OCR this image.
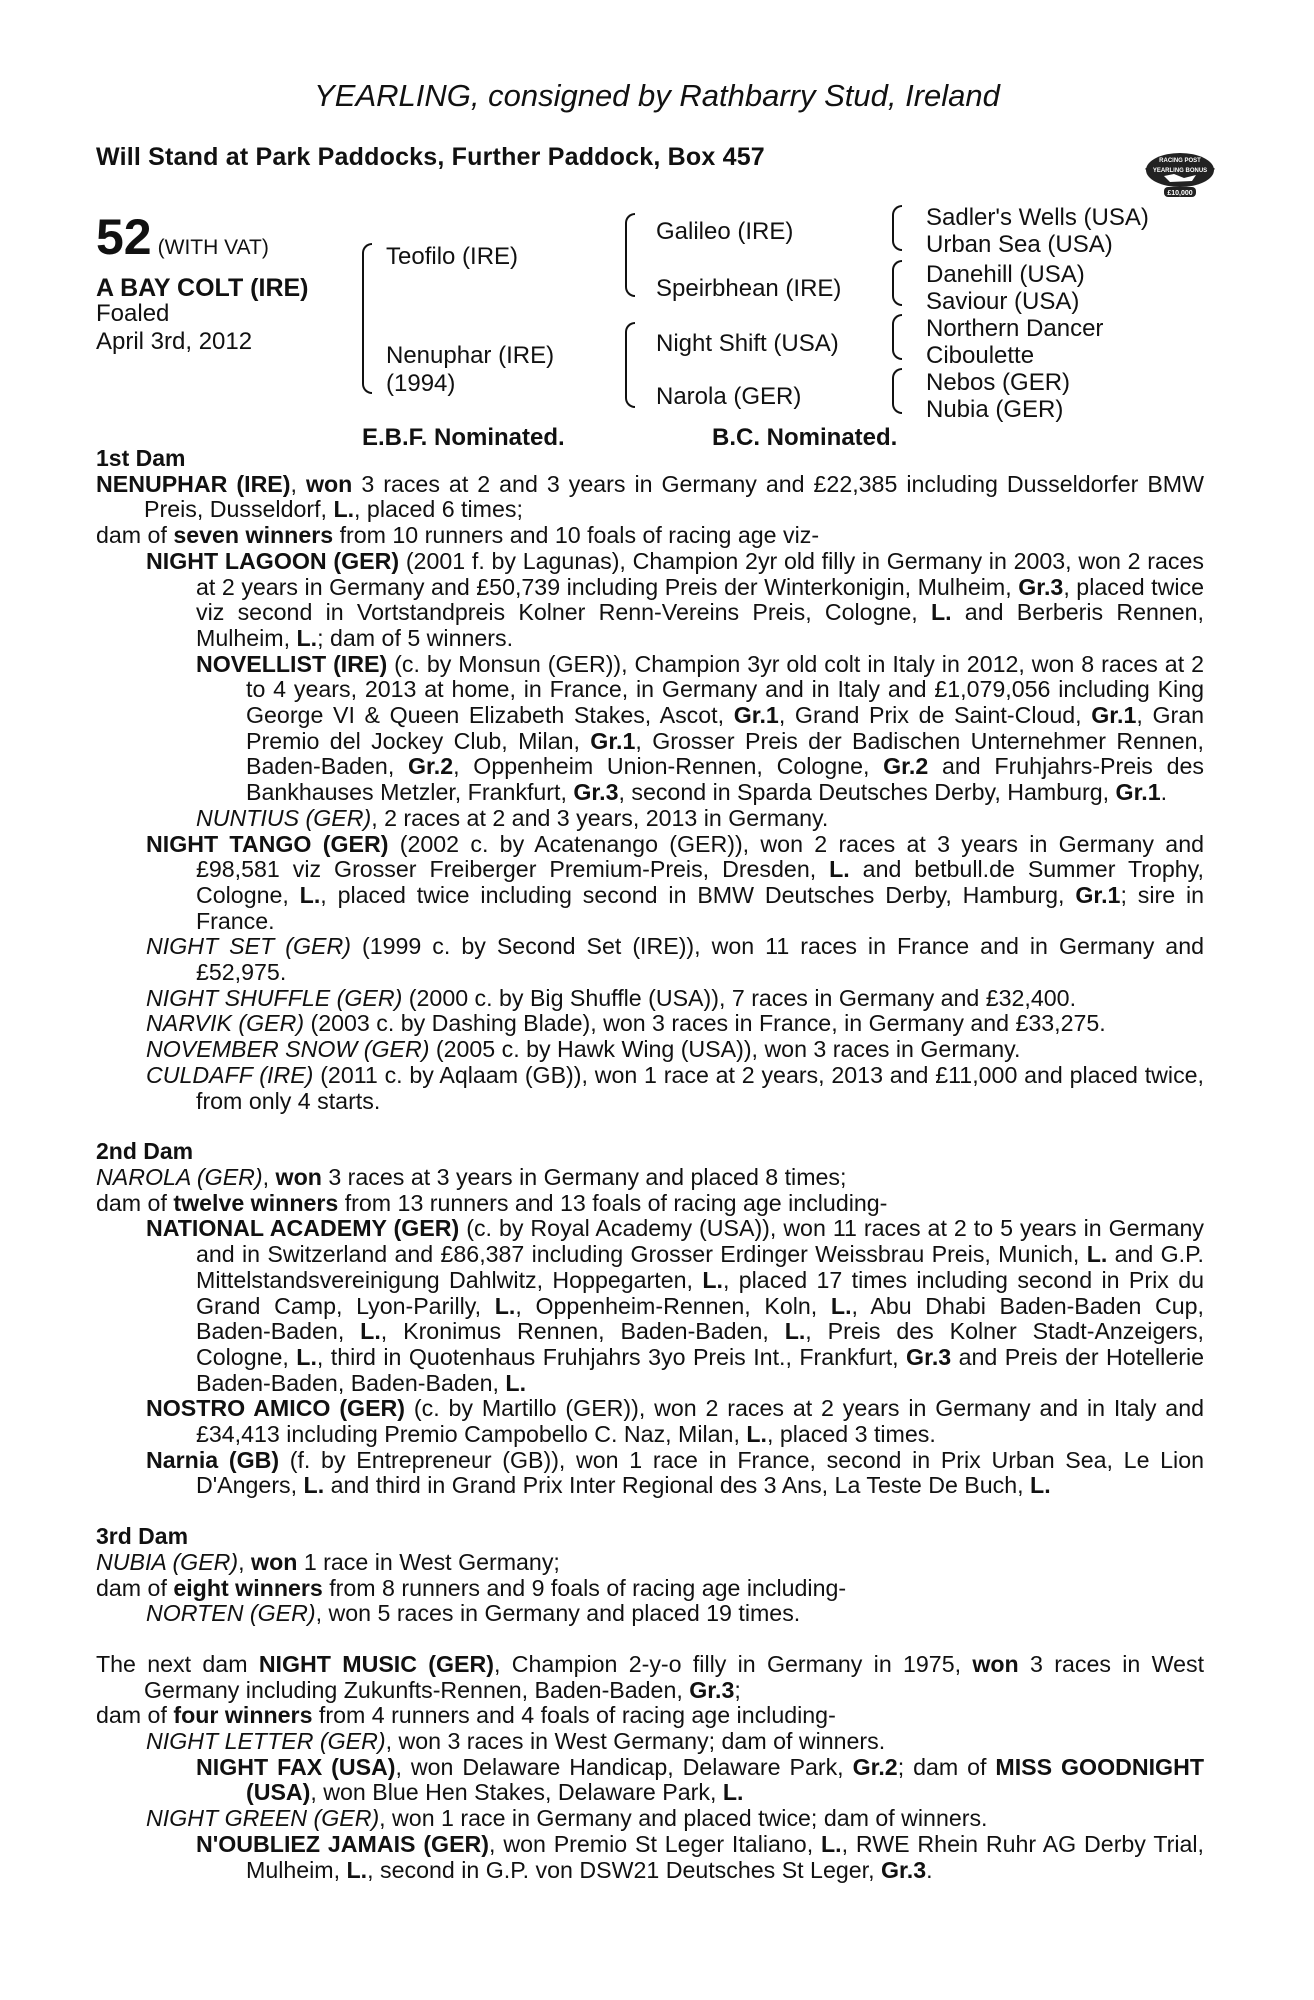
YEARLING, consigned by Rathbarry Stud, Ireland
Will Stand at Park Paddocks, Further Paddock, Box 457	RACING POST
YEARLING BONUS
£10,000
52 (WITH VAT)
A BAY COLT (IRE)
Foaled
April 3rd, 2012
Teofilo (IRE)
Nenuphar (IRE)
(1994)
Galileo (IRE)
Speirbhean (IRE)
Night Shift (USA)
Narola (GER)
Sadler's Wells (USA)
Urban Sea (USA)
Danehill (USA)
Saviour (USA)
Northern Dancer
Ciboulette
Nebos (GER)
Nubia (GER)
E.B.F. Nominated.	B.C. Nominated.

1st Dam

NENUPHAR (IRE), won 3 races at 2 and 3 years in Germany and £22,385 including Dusseldorfer BMW Preis, Dusseldorf, L., placed 6 times;

dam of seven winners from 10 runners and 10 foals of racing age viz-

NIGHT LAGOON (GER) (2001 f. by Lagunas), Champion 2yr old filly in Germany in 2003, won 2 races at 2 years in Germany and £50,739 including Preis der Winterkonigin, Mulheim, Gr.3, placed twice viz second in Vortstandpreis Kolner Renn-Vereins Preis, Cologne, L. and Berberis Rennen, Mulheim, L.; dam of 5 winners.

NOVELLIST (IRE) (c. by Monsun (GER)), Champion 3yr old colt in Italy in 2012, won 8 races at 2 to 4 years, 2013 at home, in France, in Germany and in Italy and £1,079,056 including King George VI & Queen Elizabeth Stakes, Ascot, Gr.1, Grand Prix de Saint-Cloud, Gr.1, Gran Premio del Jockey Club, Milan, Gr.1, Grosser Preis der Badischen Unternehmer Rennen, Baden-Baden, Gr.2, Oppenheim Union-Rennen, Cologne, Gr.2 and Fruhjahrs-Preis des Bankhauses Metzler, Frankfurt, Gr.3, second in Sparda Deutsches Derby, Hamburg, Gr.1.

NUNTIUS (GER), 2 races at 2 and 3 years, 2013 in Germany.

NIGHT TANGO (GER) (2002 c. by Acatenango (GER)), won 2 races at 3 years in Germany and £98,581 viz Grosser Freiberger Premium-Preis, Dresden, L. and betbull.de Summer Trophy, Cologne, L., placed twice including second in BMW Deutsches Derby, Hamburg, Gr.1; sire in France.

NIGHT SET (GER) (1999 c. by Second Set (IRE)), won 11 races in France and in Germany and £52,975.

NIGHT SHUFFLE (GER) (2000 c. by Big Shuffle (USA)), 7 races in Germany and £32,400.

NARVIK (GER) (2003 c. by Dashing Blade), won 3 races in France, in Germany and £33,275.

NOVEMBER SNOW (GER) (2005 c. by Hawk Wing (USA)), won 3 races in Germany.

CULDAFF (IRE) (2011 c. by Aqlaam (GB)), won 1 race at 2 years, 2013 and £11,000 and placed twice, from only 4 starts.

2nd Dam

NAROLA (GER), won 3 races at 3 years in Germany and placed 8 times;

dam of twelve winners from 13 runners and 13 foals of racing age including-

NATIONAL ACADEMY (GER) (c. by Royal Academy (USA)), won 11 races at 2 to 5 years in Germany and in Switzerland and £86,387 including Grosser Erdinger Weissbrau Preis, Munich, L. and G.P. Mittelstandsvereinigung Dahlwitz, Hoppegarten, L., placed 17 times including second in Prix du Grand Camp, Lyon-Parilly, L., Oppenheim-Rennen, Koln, L., Abu Dhabi Baden-Baden Cup, Baden-Baden, L., Kronimus Rennen, Baden-Baden, L., Preis des Kolner Stadt-Anzeigers, Cologne, L., third in Quotenhaus Fruhjahrs 3yo Preis Int., Frankfurt, Gr.3 and Preis der Hotellerie Baden-Baden, Baden-Baden, L.

NOSTRO AMICO (GER) (c. by Martillo (GER)), won 2 races at 2 years in Germany and in Italy and £34,413 including Premio Campobello C. Naz, Milan, L., placed 3 times.

Narnia (GB) (f. by Entrepreneur (GB)), won 1 race in France, second in Prix Urban Sea, Le Lion D'Angers, L. and third in Grand Prix Inter Regional des 3 Ans, La Teste De Buch, L.

3rd Dam

NUBIA (GER), won 1 race in West Germany;

dam of eight winners from 8 runners and 9 foals of racing age including-

NORTEN (GER), won 5 races in Germany and placed 19 times.

The next dam NIGHT MUSIC (GER), Champion 2-y-o filly in Germany in 1975, won 3 races in West Germany including Zukunfts-Rennen, Baden-Baden, Gr.3;

dam of four winners from 4 runners and 4 foals of racing age including-

NIGHT LETTER (GER), won 3 races in West Germany; dam of winners.

NIGHT FAX (USA), won Delaware Handicap, Delaware Park, Gr.2; dam of MISS GOODNIGHT (USA), won Blue Hen Stakes, Delaware Park, L.

NIGHT GREEN (GER), won 1 race in Germany and placed twice; dam of winners.

N'OUBLIEZ JAMAIS (GER), won Premio St Leger Italiano, L., RWE Rhein Ruhr AG Derby Trial, Mulheim, L., second in G.P. von DSW21 Deutsches St Leger, Gr.3.
